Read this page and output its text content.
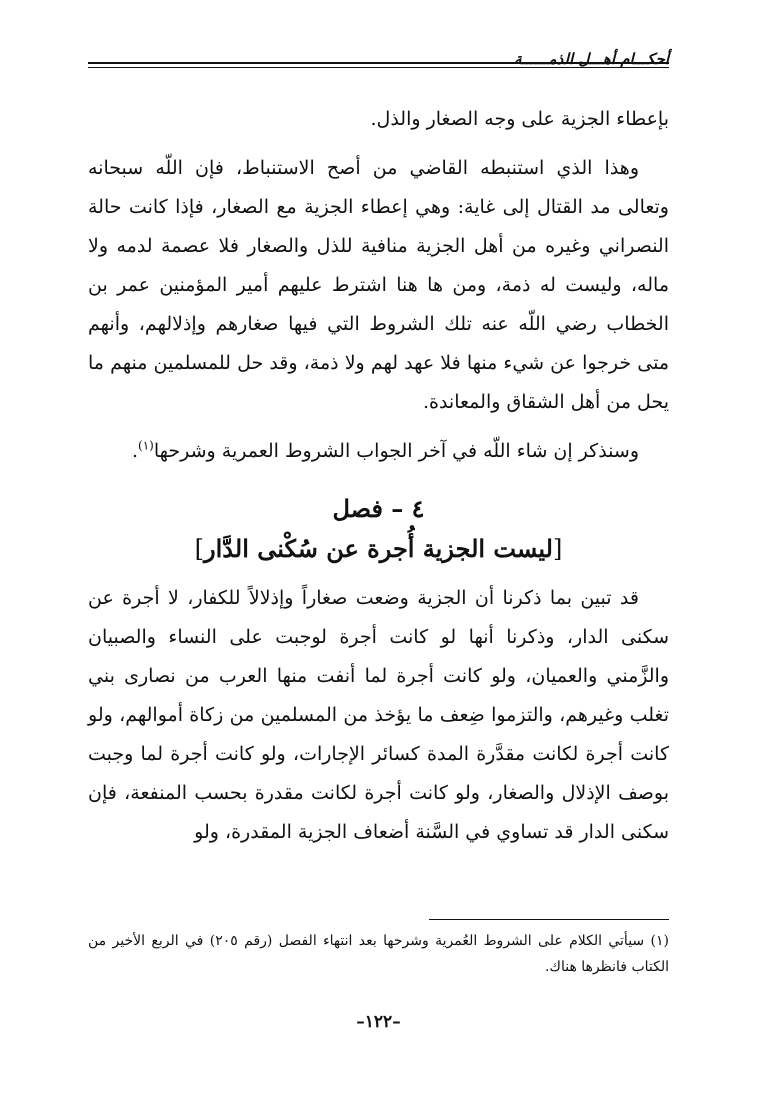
أحكـــام أهـــل الذمــــــة

بإعطاء الجزية على وجه الصغار والذل.

وهذا الذي استنبطه القاضي من أصح الاستنباط، فإن اللّه سبحانه وتعالى مد القتال إلى غاية: وهي إعطاء الجزية مع الصغار، فإذا كانت حالة النصراني وغيره من أهل الجزية منافية للذل والصغار فلا عصمة لدمه ولا ماله، وليست له ذمة، ومن ها هنا اشترط عليهم أمير المؤمنين عمر بن الخطاب رضي اللّه عنه تلك الشروط التي فيها صغارهم وإذلالهم، وأنهم متى خرجوا عن شيء منها فلا عهد لهم ولا ذمة، وقد حل للمسلمين منهم ما يحل من أهل الشقاق والمعاندة.

وسنذكر إن شاء اللّه في آخر الجواب الشروط العمرية وشرحها$^{(١)}$.

٤ – فصل
[ليست الجزية أُجرة عن سُكْنى الدَّار]

قد تبين بما ذكرنا أن الجزية وضعت صغاراً وإذلالاً للكفار، لا أجرة عن سكنى الدار، وذكرنا أنها لو كانت أجرة لوجبت على النساء والصبيان والزَّمني والعميان، ولو كانت أجرة لما أنفت منها العرب من نصارى بني تغلب وغيرهم، والتزموا ضِعف ما يؤخذ من المسلمين من زكاة أموالهم، ولو كانت أجرة لكانت مقدَّرة المدة كسائر الإجارات، ولو كانت أجرة لما وجبت بوصف الإذلال والصغار، ولو كانت أجرة لكانت مقدرة بحسب المنفعة، فإن سكنى الدار قد تساوي في السَّنة أضعاف الجزية المقدرة، ولو

(١) سيأتي الكلام على الشروط العُمرية وشرحها بعد انتهاء الفصل (رقم ٢٠٥) في الربع الأخير من الكتاب فانظرها هناك.
–١٢٢–
